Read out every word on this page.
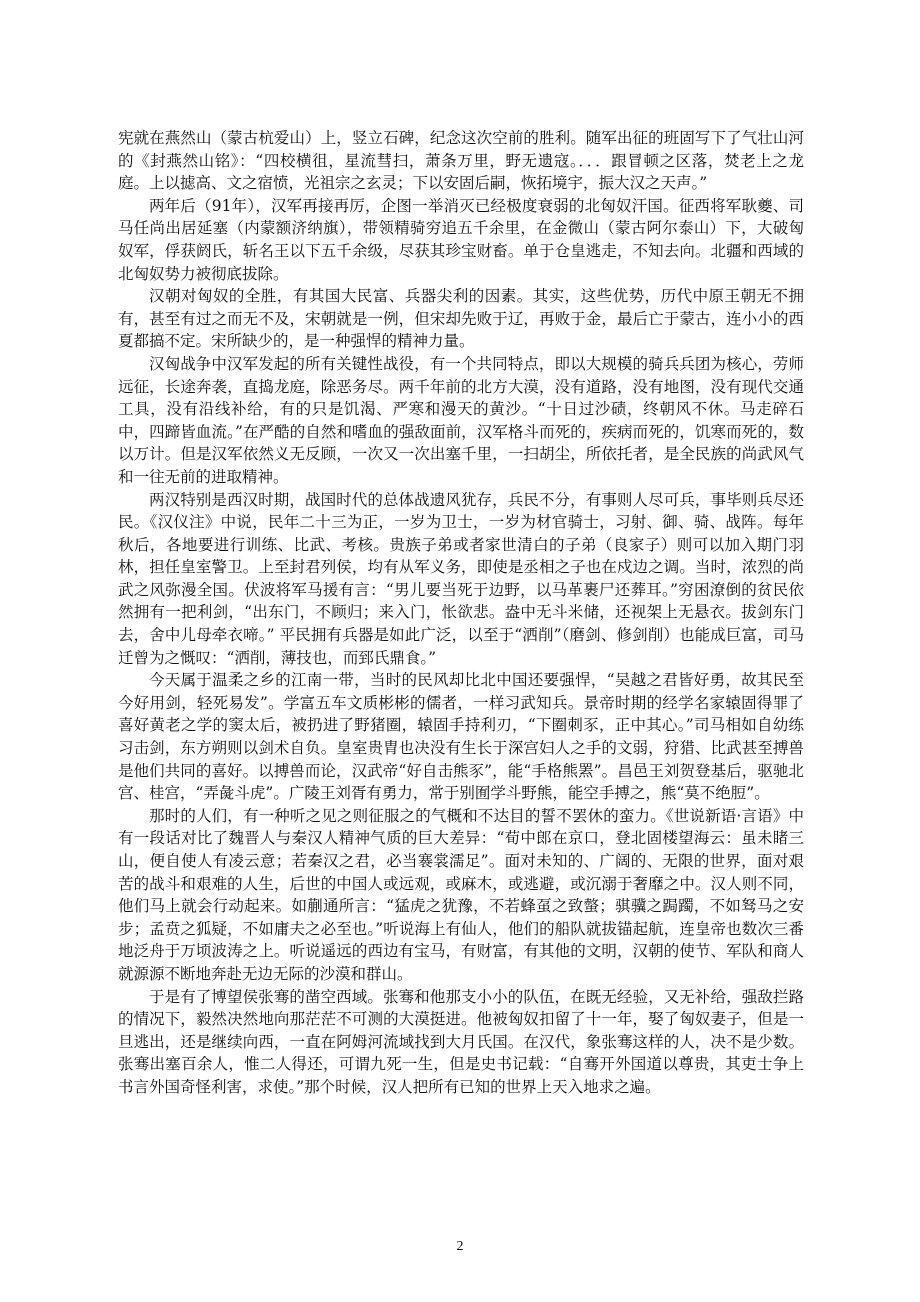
宪就在燕然山（蒙古杭爱山）上，竖立石碑，纪念这次空前的胜利。随军出征的班固写下了气壮山河的《封燕然山铭》：“四校横徂，星流彗扫，萧条万里，野无遗寇。．．．跟冒顿之区落，焚老上之龙庭。上以摅高、文之宿愤，光祖宗之玄灵；下以安固后嗣，恢拓境宇，振大汉之天声。”

两年后（91年），汉军再接再厉，企图一举消灭已经极度衰弱的北匈奴汗国。征西将军耿夔、司马任尚出居延塞（内蒙额济纳旗），带领精骑穷追五千余里，在金微山（蒙古阿尔泰山）下，大破匈奴军，俘获阏氏，斩名王以下五千余级，尽获其珍宝财畜。单于仓皇逃走，不知去向。北疆和西域的北匈奴势力被彻底拔除。

汉朝对匈奴的全胜，有其国大民富、兵器尖利的因素。其实，这些优势，历代中原王朝无不拥有，甚至有过之而无不及，宋朝就是一例，但宋却先败于辽，再败于金，最后亡于蒙古，连小小的西夏都搞不定。宋所缺少的，是一种强悍的精神力量。

汉匈战争中汉军发起的所有关键性战役，有一个共同特点，即以大规模的骑兵兵团为核心，劳师远征，长途奔袭，直捣龙庭，除恶务尽。两千年前的北方大漠，没有道路，没有地图，没有现代交通工具，没有沿线补给，有的只是饥渴、严寒和漫天的黄沙。“十日过沙碛，终朝风不休。马走碎石中，四蹄皆血流。”在严酷的自然和嗜血的强敌面前，汉军格斗而死的，疾病而死的，饥寒而死的，数以万计。但是汉军依然义无反顾，一次又一次出塞千里，一扫胡尘，所依托者，是全民族的尚武风气和一往无前的进取精神。

两汉特别是西汉时期，战国时代的总体战遗风犹存，兵民不分，有事则人尽可兵，事毕则兵尽还民。《汉仪注》中说，民年二十三为正，一岁为卫士，一岁为材官骑士，习射、御、骑、战阵。每年秋后，各地要进行训练、比武、考核。贵族子弟或者家世清白的子弟（良家子）则可以加入期门羽林，担任皇室警卫。上至封君列侯，均有从军义务，即使是丞相之子也在戍边之调。当时，浓烈的尚武之风弥漫全国。伏波将军马援有言：“男儿要当死于边野，以马革裹尸还葬耳。”穷困潦倒的贫民依然拥有一把利剑，“出东门，不顾归；来入门，怅欲悲。盎中无斗米储，还视架上无悬衣。拔剑东门去，舍中儿母牵衣啼。” 平民拥有兵器是如此广泛，以至于“洒削”（磨剑、修剑削）也能成巨富，司马迁曾为之慨叹：“洒削，薄技也，而郅氏鼎食。”

今天属于温柔之乡的江南一带，当时的民风却比北中国还要强悍，“吴越之君皆好勇，故其民至今好用剑，轻死易发”。学富五车文质彬彬的儒者，一样习武知兵。景帝时期的经学名家辕固得罪了喜好黄老之学的窦太后，被扔进了野猪圈，辕固手持利刃，“下圈刺豕，正中其心。”司马相如自幼练习击剑，东方朔则以剑术自负。皇室贵胄也决没有生长于深宫妇人之手的文弱，狩猎、比武甚至搏兽是他们共同的喜好。以搏兽而论，汉武帝“好自击熊豕”，能“手格熊罴”。昌邑王刘贺登基后，驱驰北宫、桂宫，“弄彘斗虎”。广陵王刘胥有勇力，常于别囿学斗野熊，能空手搏之，熊“莫不绝脰”。

那时的人们，有一种听之见之则征服之的气概和不达目的誓不罢休的蛮力。《世说新语·言语》中有一段话对比了魏晋人与秦汉人精神气质的巨大差异：“荀中郎在京口，登北固楼望海云：虽未睹三山，便自使人有凌云意；若秦汉之君，必当褰裳濡足”。面对未知的、广阔的、无限的世界，面对艰苦的战斗和艰难的人生，后世的中国人或远观，或麻木，或逃避，或沉溺于奢靡之中。汉人则不同，他们马上就会行动起来。如蒯通所言：“猛虎之犹豫，不若蜂虿之致螫；骐骥之跼躅，不如驽马之安步；孟贲之狐疑，不如庸夫之必至也。”听说海上有仙人，他们的船队就拔锚起航，连皇帝也数次三番地泛舟于万顷波涛之上。听说遥远的西边有宝马，有财富，有其他的文明，汉朝的使节、军队和商人就源源不断地奔赴无边无际的沙漠和群山。

于是有了博望侯张骞的凿空西域。张骞和他那支小小的队伍，在既无经验，又无补给，强敌拦路的情况下，毅然决然地向那茫茫不可测的大漠挺进。他被匈奴扣留了十一年，娶了匈奴妻子，但是一旦逃出，还是继续向西，一直在阿姆河流域找到大月氏国。在汉代，象张骞这样的人，决不是少数。张骞出塞百余人，惟二人得还，可谓九死一生，但是史书记载：“自骞开外国道以尊贵，其吏士争上书言外国奇怪利害，求使。”那个时候，汉人把所有已知的世界上天入地求之遍。

2
